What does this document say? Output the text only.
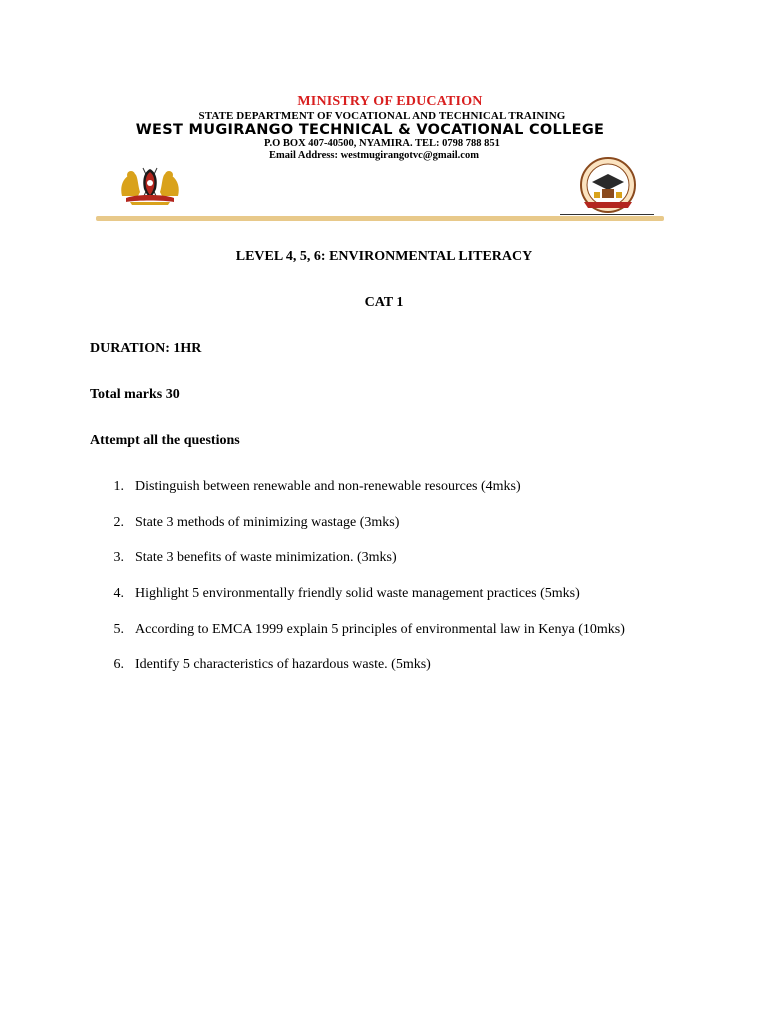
MINISTRY OF EDUCATION
STATE DEPARTMENT OF VOCATIONAL AND TECHNICAL TRAINING
WEST MUGIRANGO TECHNICAL & VOCATIONAL COLLEGE
P.O BOX 407-40500, NYAMIRA. TEL: 0798 788 851
Email Address: westmugirangotvc@gmail.com
LEVEL 4, 5, 6: ENVIRONMENTAL LITERACY
CAT 1
DURATION: 1HR
Total marks 30
Attempt all the questions
1. Distinguish between renewable and non-renewable resources (4mks)
2. State 3 methods of minimizing wastage (3mks)
3. State 3 benefits of waste minimization. (3mks)
4. Highlight 5 environmentally friendly solid waste management practices (5mks)
5. According to EMCA 1999 explain 5 principles of environmental law in Kenya (10mks)
6. Identify 5 characteristics of hazardous waste. (5mks)
